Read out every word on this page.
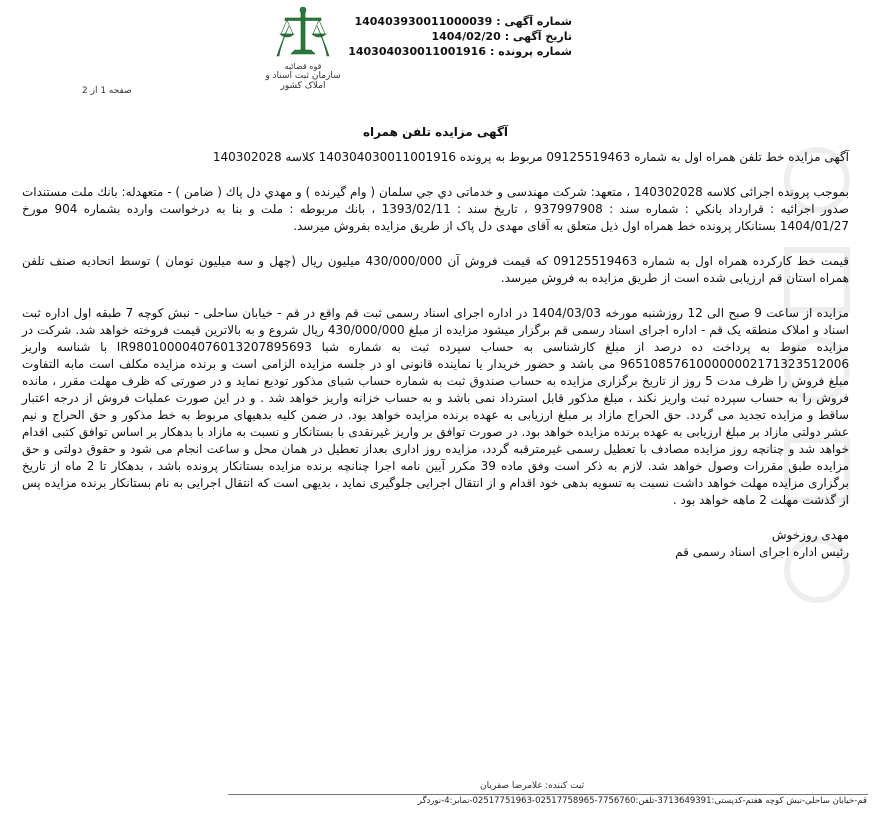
شماره آگهی :
140403930011000039
تاریخ آگهی :
1404/02/20
شماره پرونده :
140304030011001916
قوه قضائیه
سازمان ثبت اسناد و املاک کشور
صفحه 1 از 2
آگهی مزایده تلفن همراه

آگهی مزایده خط تلفن همراه اول به شماره 09125519463 مربوط به پرونده 140304030011001916 کلاسه 140302028

بموجب پرونده اجرائی کلاسه 140302028 ، متعهد: شرکت مهندسی و خدماتی دي جي سلمان ( وام گیرنده ) و مهدي دل پاك ( ضامن ) - متعهدله: بانك ملت مستندات صدور اجرائیه : قرارداد بانکي : شماره سند : 937997908 ، تاریخ سند : 1393/02/11 ، بانك مربوطه : ملت و بنا به درخواست وارده بشماره 904 مورخ 1404/01/27 بستانکار پرونده خط همراه اول ذیل متعلق به آقای مهدی دل پاک از طریق مزایده بفروش میرسد.

قیمت خط کارکرده همراه اول به شماره 09125519463 که قیمت فروش آن 430/000/000 میلیون ریال (چهل و سه میلیون تومان ) توسط اتحادیه صنف تلفن همراه استان قم ارزیابی شده است از طریق مزایده به فروش میرسد.

مزایده از ساعت 9 صبح الی 12 روزشنبه مورخه 1404/03/03 در اداره اجرای اسناد رسمی ثبت قم واقع در قم - خیابان ساحلی - نبش کوچه 7 طبقه اول اداره ثبت اسناد و املاک منطقه یک قم - اداره اجرای اسناد رسمی قم برگزار میشود مزایده از مبلغ 430/000/000 ریال شروع و به بالاترین قیمت فروخته خواهد شد. شرکت در مزایده منوط به پرداخت ده درصد از مبلغ کارشناسی به حساب سپرده ثبت به شماره شبا IR980100004076013207895693 با شناسه واریز 965108576100000002171323512006 می باشد و حضور خریدار یا نماینده قانونی او در جلسه مزایده الزامی است و برنده مزایده مکلف است مابه التفاوت مبلغ فروش را ظرف مدت 5 روز از تاریخ برگزاری مزایده به حساب صندوق ثبت به شماره حساب شبای مذکور تودیع نماید و در صورتی که ظرف مهلت مقرر ، مانده فروش را به حساب سپرده ثبت واریز نکند ، مبلغ مذکور قابل استرداد نمی باشد و به حساب خزانه واریز خواهد شد . و در این صورت عملیات فروش از درجه اعتبار ساقط و مزایده تجدید می گردد. حق الحراج مازاد بر مبلغ ارزیابی به عهده برنده مزایده خواهد بود. در ضمن کلیه بدهیهای مربوط به خط مذکور و حق الحراج و نیم عشر دولتی مازاد بر مبلغ ارزیابی به عهده برنده مزایده خواهد بود. در صورت توافق بر واریز غیرنقدی با بستانکار و نسبت به مازاد با بدهکار بر اساس توافق کتبی اقدام خواهد شد و چنانچه روز مزایده مصادف با تعطیل رسمی غیرمترقبه گردد، مزایده روز اداری بعداز تعطیل در همان محل و ساعت انجام می شود و حقوق دولتی و حق مزایده طبق مقررات وصول خواهد شد. لازم به ذکر است وفق ماده 39 مکرر آیین نامه اجرا چنانچه برنده مزایده بستانکار پرونده باشد ، بدهکار تا 2 ماه از تاریخ برگزاری مزایده مهلت خواهد داشت نسبت به تسویه بدهی خود اقدام و از انتقال اجرایی جلوگیری نماید ، بدیهی است که انتقال اجرایی به نام بستانکار برنده مزایده پس از گذشت مهلت 2 ماهه خواهد بود .

مهدی روزخوش
رئیس اداره اجرای اسناد رسمی قم
ثبت کننده: غلامرضا صفریان
قم-خیابان ساحلی-نبش کوچه هفتم-کدپستی:3713649391-تلفن:7756760-02517758965-02517751963-نمابر:4-نوردگر
